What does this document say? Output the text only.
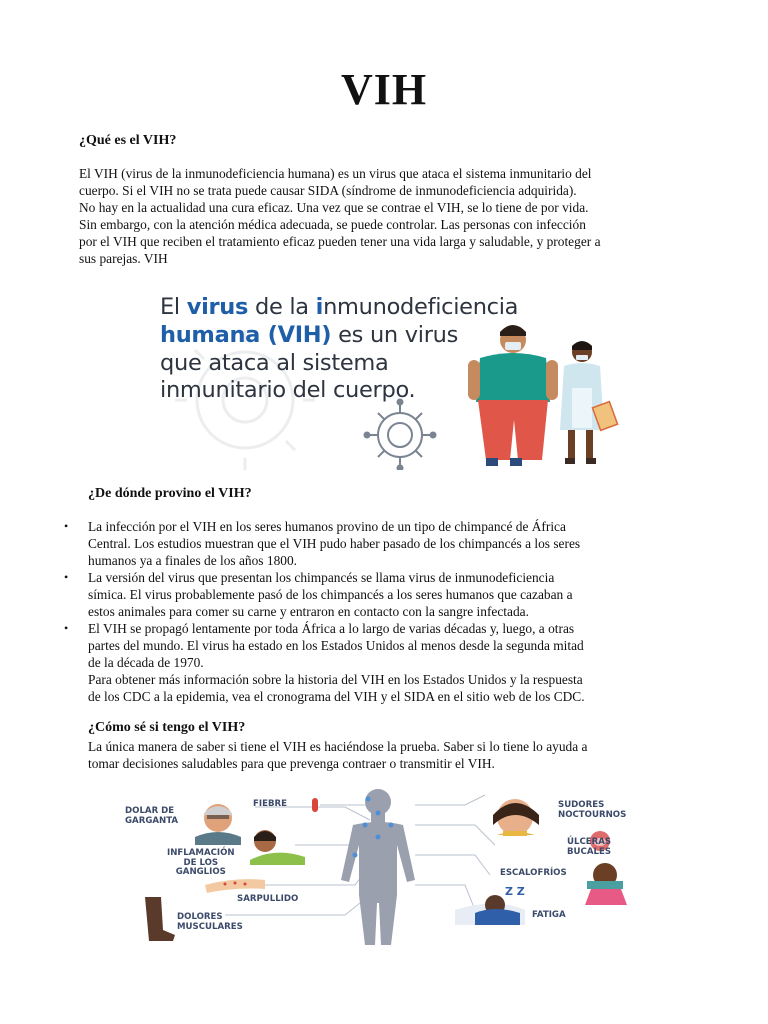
VIH
¿Qué es el VIH?
El VIH (virus de la inmunodeficiencia humana) es un virus que ataca el sistema inmunitario del
cuerpo. Si el VIH no se trata puede causar SIDA (síndrome de inmunodeficiencia adquirida).
No hay en la actualidad una cura eficaz. Una vez que se contrae el VIH, se lo tiene de por vida.
Sin embargo, con la atención médica adecuada, se puede controlar. Las personas con infección
por el VIH que reciben el tratamiento eficaz pueden tener una vida larga y saludable, y proteger a
sus parejas. VIH
El virus de la inmunodeficiencia
humana (VIH) es un virus
que ataca al sistema
inmunitario del cuerpo.
¿De dónde provino el VIH?
• La infección por el VIH en los seres humanos provino de un tipo de chimpancé de África
Central. Los estudios muestran que el VIH pudo haber pasado de los chimpancés a los seres
humanos ya a finales de los años 1800.
• La versión del virus que presentan los chimpancés se llama virus de inmunodeficiencia
símica. El virus probablemente pasó de los chimpancés a los seres humanos que cazaban a
estos animales para comer su carne y entraron en contacto con la sangre infectada.
• El VIH se propagó lentamente por toda África a lo largo de varias décadas y, luego, a otras
partes del mundo. El virus ha estado en los Estados Unidos al menos desde la segunda mitad
de la década de 1970.
Para obtener más información sobre la historia del VIH en los Estados Unidos y la respuesta
de los CDC a la epidemia, vea el cronograma del VIH y el SIDA en el sitio web de los CDC.
¿Cómo sé si tengo el VIH?
La única manera de saber si tiene el VIH es haciéndose la prueba. Saber si lo tiene lo ayuda a
tomar decisiones saludables para que prevenga contraer o transmitir el VIH.
DOLAR DE
GARGANTA
FIEBRE
INFLAMACIÓN
DE LOS
GANGLIOS
SARPULLIDO
DOLORES
MUSCULARES
SUDORES
NOCTOURNOS
ÚLCERAS
BUCALES
ESCALOFRÍOS
FATIGA
Z Z
